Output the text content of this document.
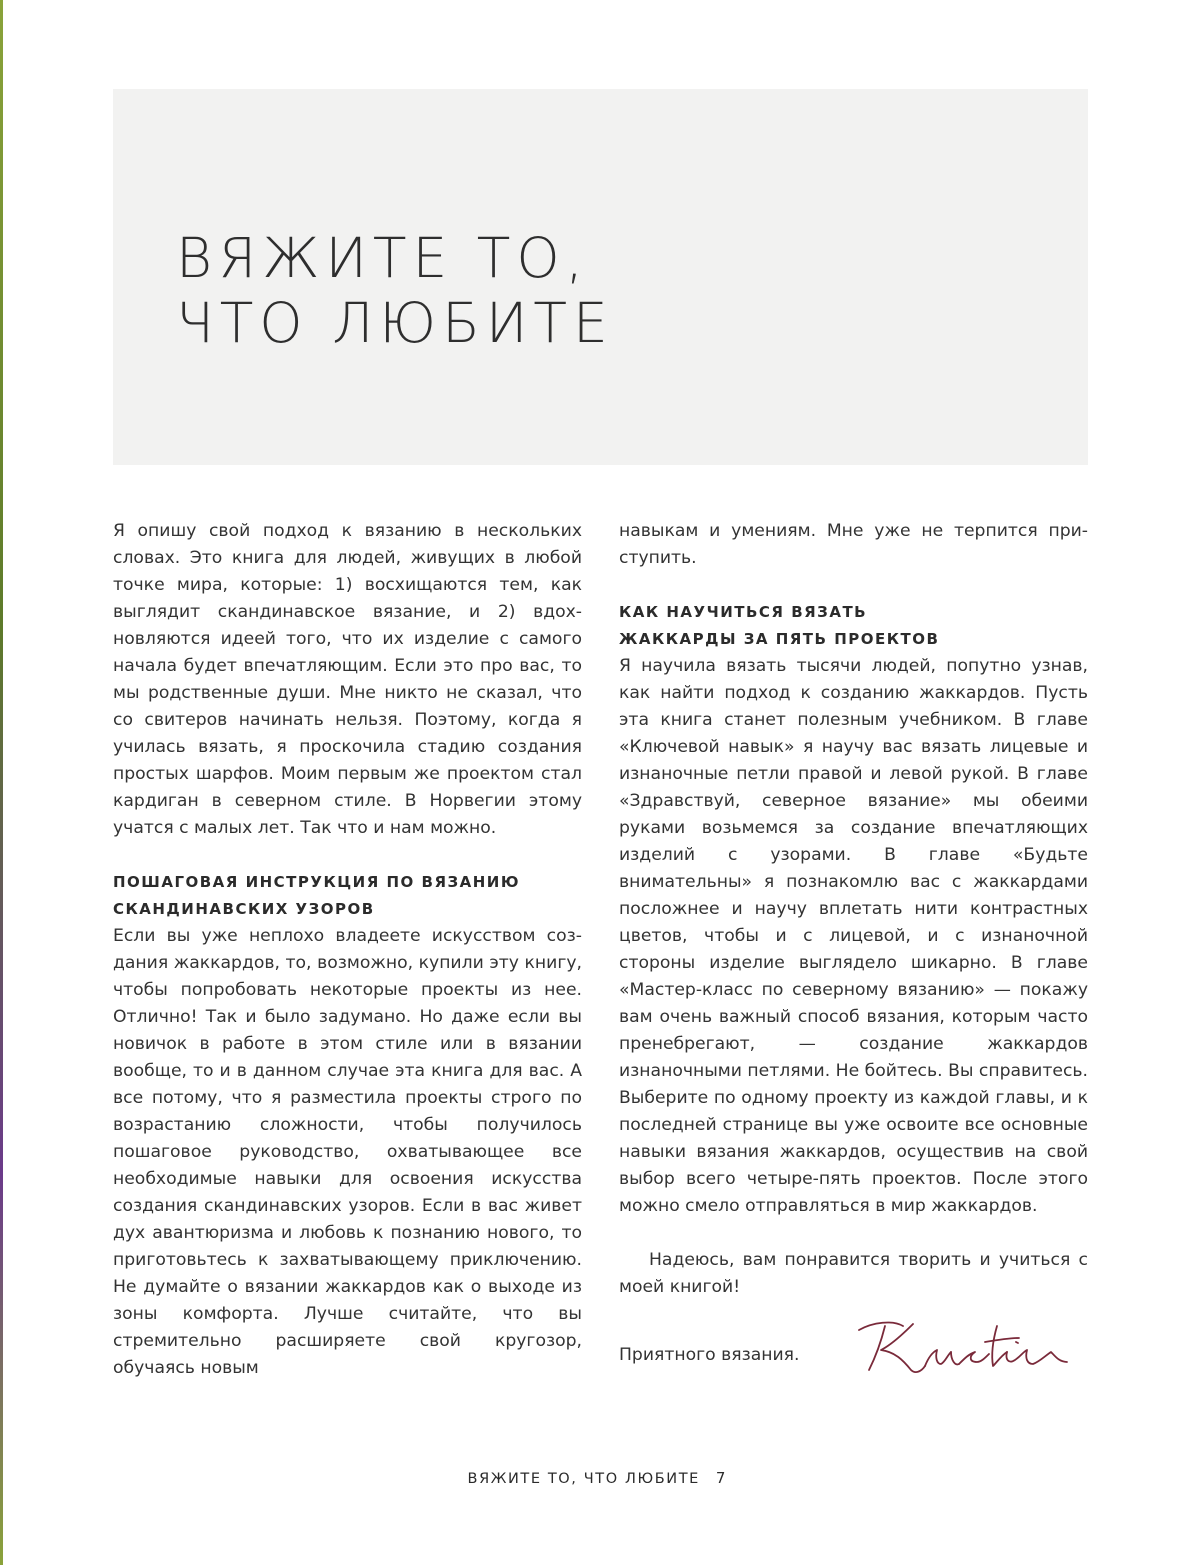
ВЯЖИТЕ ТО,
ЧТО ЛЮБИТЕ

Я опишу свой подход к вязанию в нескольких словах. Это книга для людей, живущих в любой точке мира, которые: 1) восхищаются тем, как выглядит скандинавское вязание, и 2) вдохновляются идеей того, что их изделие с самого начала будет впечатляющим. Если это про вас, то мы родственные души. Мне никто не сказал, что со свитеров начинать нельзя. Поэтому, когда я училась вязать, я проскочила стадию создания простых шарфов. Моим первым же проектом стал кардиган в северном стиле. В Норвегии этому учатся с малых лет. Так что и нам можно.

ПОШАГОВАЯ ИНСТРУКЦИЯ ПО ВЯЗАНИЮ
СКАНДИНАВСКИХ УЗОРОВ

Если вы уже неплохо владеете искусством создания жаккардов, то, возможно, купили эту книгу, чтобы попробовать некоторые проекты из нее. Отлично! Так и было задумано. Но даже если вы новичок в работе в этом стиле или в вязании вообще, то и в данном случае эта книга для вас. А все потому, что я разместила проекты строго по возрастанию сложности, чтобы получилось пошаговое руководство, охватывающее все необходимые навыки для освоения искусства создания скандинавских узоров. Если в вас живет дух авантюризма и любовь к познанию нового, то приготовьтесь к захватывающему приключению. Не думайте о вязании жаккардов как о выходе из зоны комфорта. Лучше считайте, что вы стремительно расширяете свой кругозор, обучаясь новым

навыкам и умениям. Мне уже не терпится приступить.

КАК НАУЧИТЬСЯ ВЯЗАТЬ
ЖАККАРДЫ ЗА ПЯТЬ ПРОЕКТОВ

Я научила вязать тысячи людей, попутно узнав, как найти подход к созданию жаккардов. Пусть эта книга станет полезным учебником. В главе «Ключевой навык» я научу вас вязать лицевые и изнаночные петли правой и левой рукой. В главе «Здравствуй, северное вязание» мы обеими руками возьмемся за создание впечатляющих изделий с узорами. В главе «Будьте внимательны» я познакомлю вас с жаккардами посложнее и научу вплетать нити контрастных цветов, чтобы и с лицевой, и с изнаночной стороны изделие выглядело шикарно. В главе «Мастер-класс по северному вязанию» — покажу вам очень важный способ вязания, которым часто пренебрегают, — создание жаккардов изнаночными петлями. Не бойтесь. Вы справитесь. Выберите по одному проекту из каждой главы, и к последней странице вы уже освоите все основные навыки вязания жаккардов, осуществив на свой выбор всего четыре-пять проектов. После этого можно смело отправляться в мир жаккардов.

Надеюсь, вам понравится творить и учиться с моей книгой!

Приятного вязания.
ВЯЖИТЕ ТО, ЧТО ЛЮБИТЕ 7
